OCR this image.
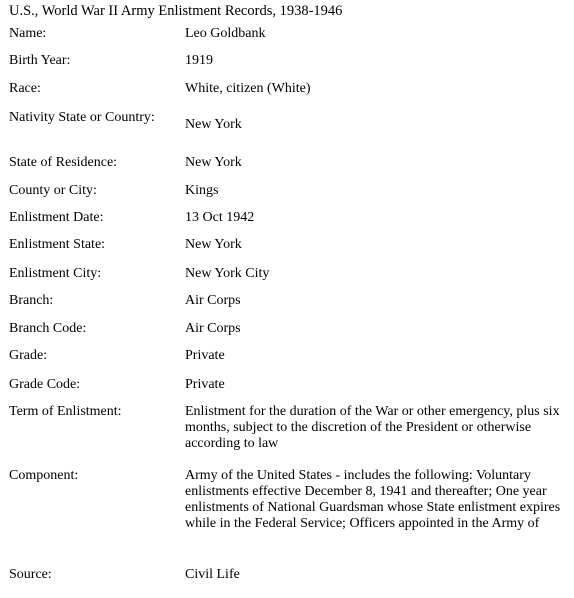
U.S., World War II Army Enlistment Records, 1938-1946
Name:	Leo Goldbank
Birth Year:	1919
Race:	White, citizen (White)
Nativity State or Country:	New York
State of Residence:	New York
County or City:	Kings
Enlistment Date:	13 Oct 1942
Enlistment State:	New York
Enlistment City:	New York City
Branch:	Air Corps
Branch Code:	Air Corps
Grade:	Private
Grade Code:	Private
Term of Enlistment:	Enlistment for the duration of the War or other emergency, plus six months, subject to the discretion of the President or otherwise according to law
Component:	Army of the United States - includes the following: Voluntary enlistments effective December 8, 1941 and thereafter; One year enlistments of National Guardsman whose State enlistment expires while in the Federal Service; Officers appointed in the Army of
Source:	Civil Life
